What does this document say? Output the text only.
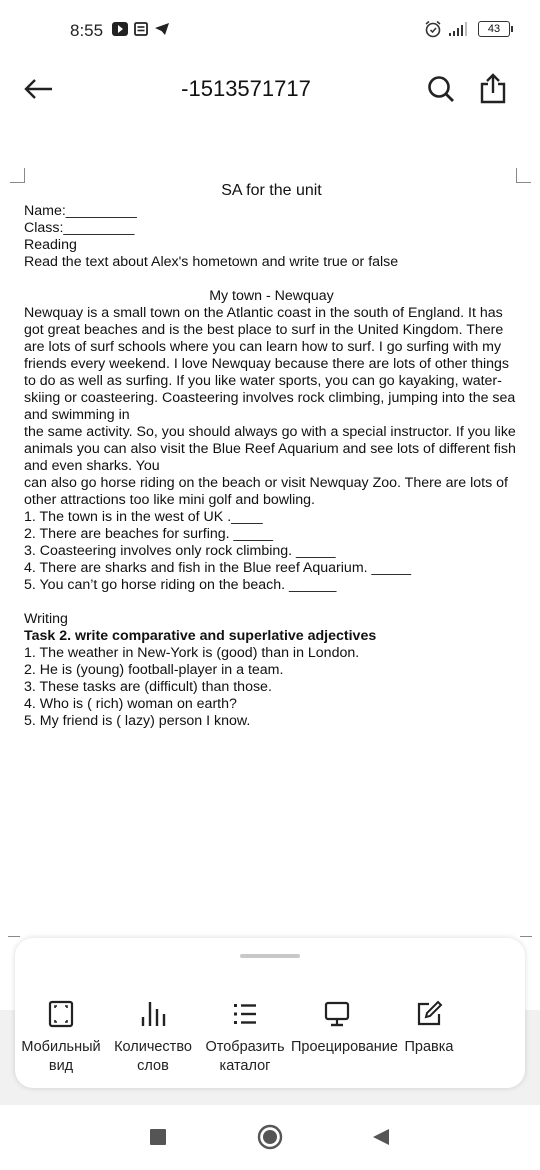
8:55	43
-1513571717
SA for the unit
Name:_________
Class:_________
Reading
Read the text about Alex's hometown and write true or false
My town - Newquay
Newquay is a small town on the Atlantic coast in the south of England. It has got great beaches and is the best place to surf in the United Kingdom. There are lots of surf schools where you can learn how to surf. I go surfing with my friends every weekend. I love Newquay because there are lots of other things to do as well as surfing. If you like water sports, you can go kayaking, water-skiing or coasteering. Coasteering involves rock climbing, jumping into the sea and swimming in
the same activity. So, you should always go with a special instructor. If you like animals you can also visit the Blue Reef Aquarium and see lots of different fish and even sharks. You
can also go horse riding on the beach or visit Newquay Zoo. There are lots of other attractions too like mini golf and bowling.
1. The town is in the west of UK .____
2. There are beaches for surfing. _____
3. Coasteering involves only rock climbing. _____
4. There are sharks and fish in the Blue reef Aquarium. _____
5. You can’t go horse riding on the beach. ______
Writing
Task 2. write comparative and superlative adjectives
1. The weather in New-York is (good) than in London.
2. He is (young) football-player in a team.
3. These tasks are (difficult) than those.
4. Who is ( rich) woman on earth?
5. My friend is ( lazy) person I know.
Мобильный вид
Количество слов
Отобразить каталог
Проецирование Правка
